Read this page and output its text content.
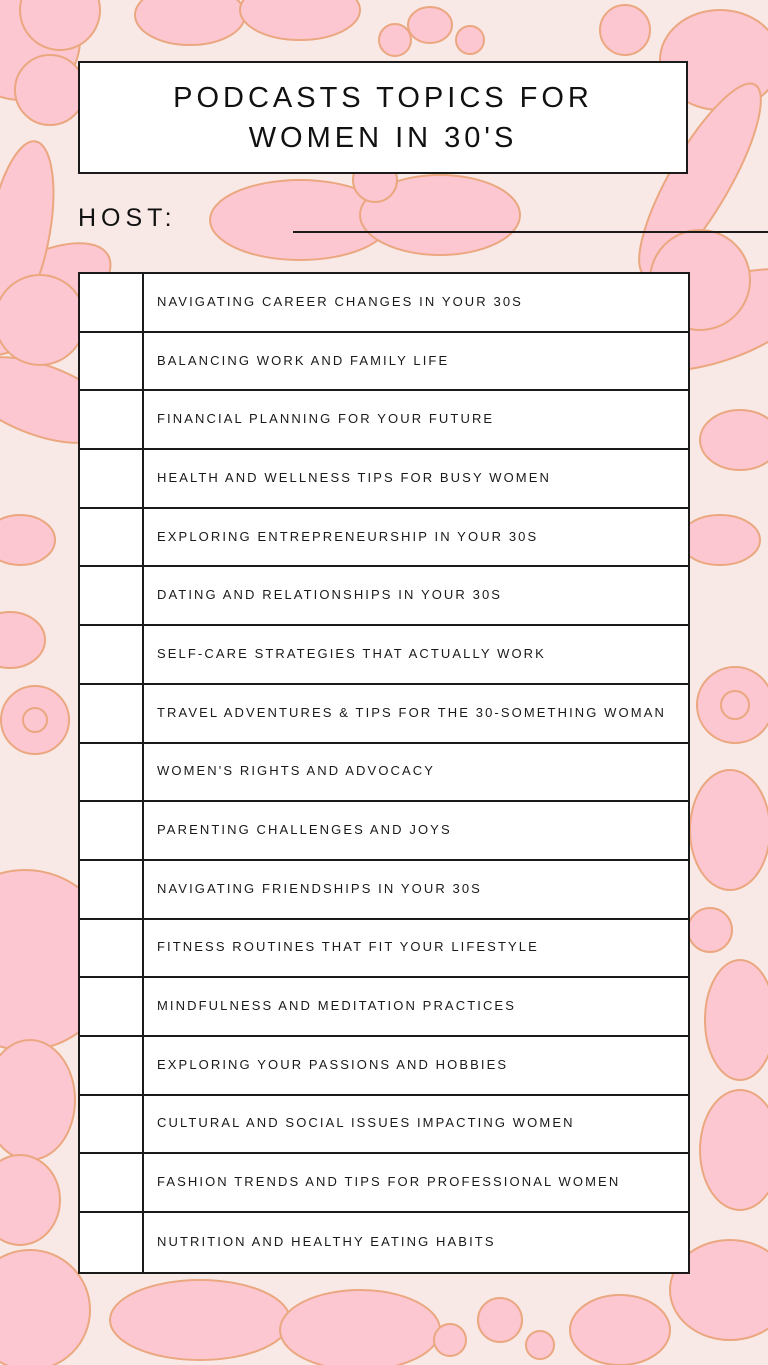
PODCASTS TOPICS FOR
WOMEN IN 30'S
HOST:
NAVIGATING CAREER CHANGES IN YOUR 30S
BALANCING WORK AND FAMILY LIFE
FINANCIAL PLANNING FOR YOUR FUTURE
HEALTH AND WELLNESS TIPS FOR BUSY WOMEN
EXPLORING ENTREPRENEURSHIP IN YOUR 30S
DATING AND RELATIONSHIPS IN YOUR 30S
SELF-CARE STRATEGIES THAT ACTUALLY WORK
TRAVEL ADVENTURES & TIPS FOR THE 30-SOMETHING WOMAN
WOMEN'S RIGHTS AND ADVOCACY
PARENTING CHALLENGES AND JOYS
NAVIGATING FRIENDSHIPS IN YOUR 30S
FITNESS ROUTINES THAT FIT YOUR LIFESTYLE
MINDFULNESS AND MEDITATION PRACTICES
EXPLORING YOUR PASSIONS AND HOBBIES
CULTURAL AND SOCIAL ISSUES IMPACTING WOMEN
FASHION TRENDS AND TIPS FOR PROFESSIONAL WOMEN
NUTRITION AND HEALTHY EATING HABITS
